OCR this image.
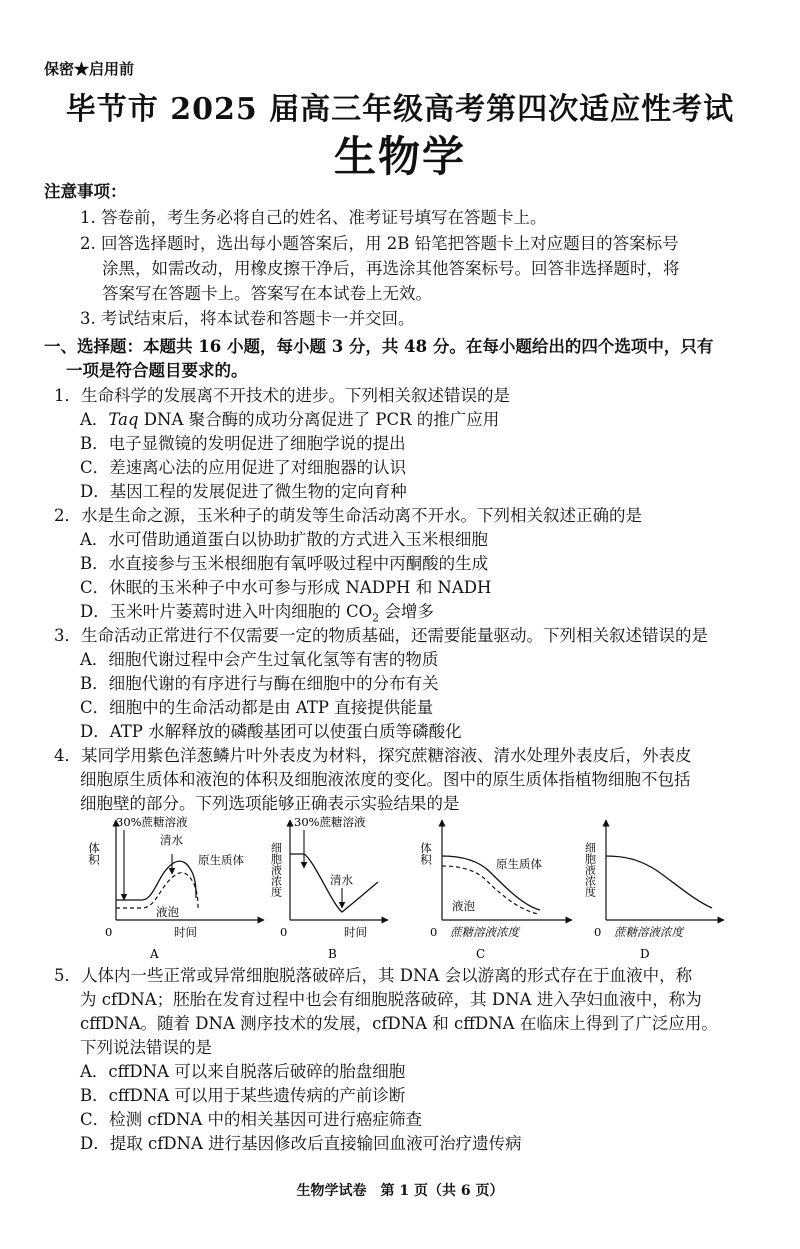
保密★启用前
毕节市 2025 届高三年级高考第四次适应性考试
生物学
注意事项：
1. 答卷前，考生务必将自己的姓名、准考证号填写在答题卡上。
2. 回答选择题时，选出每小题答案后，用 2B 铅笔把答题卡上对应题目的答案标号
涂黑，如需改动，用橡皮擦干净后，再选涂其他答案标号。回答非选择题时，将
答案写在答题卡上。答案写在本试卷上无效。
3. 考试结束后，将本试卷和答题卡一并交回。
一、选择题：本题共 16 小题，每小题 3 分，共 48 分。在每小题给出的四个选项中，只有
一项是符合题目要求的。
1．生命科学的发展离不开技术的进步。下列相关叙述错误的是
A．Taq DNA 聚合酶的成功分离促进了 PCR 的推广应用
B．电子显微镜的发明促进了细胞学说的提出
C．差速离心法的应用促进了对细胞器的认识
D．基因工程的发展促进了微生物的定向育种
2．水是生命之源，玉米种子的萌发等生命活动离不开水。下列相关叙述正确的是
A．水可借助通道蛋白以协助扩散的方式进入玉米根细胞
B．水直接参与玉米根细胞有氧呼吸过程中丙酮酸的生成
C．休眠的玉米种子中水可参与形成 NADPH 和 NADH
D．玉米叶片萎蔫时进入叶肉细胞的 $CO_2$ 会增多
3．生命活动正常进行不仅需要一定的物质基础，还需要能量驱动。下列相关叙述错误的是
A．细胞代谢过程中会产生过氧化氢等有害的物质
B．细胞代谢的有序进行与酶在细胞中的分布有关
C．细胞中的生命活动都是由 ATP 直接提供能量
D．ATP 水解释放的磷酸基团可以使蛋白质等磷酸化
4．某同学用紫色洋葱鳞片叶外表皮为材料，探究蔗糖溶液、清水处理外表皮后，外表皮
细胞原生质体和液泡的体积及细胞液浓度的变化。图中的原生质体指植物细胞不包括
细胞壁的部分。下列选项能够正确表示实验结果的是
30%蔗糖溶液
清水
原生质体
液泡
0	时间
体积
A
30%蔗糖溶液
清水
0	时间
细胞液浓度
B
原生质体
液泡
0 蔗糖溶液浓度
体积
C
0 蔗糖溶液浓度
细胞液浓度
D
5．人体内一些正常或异常细胞脱落破碎后，其 DNA 会以游离的形式存在于血液中，称
为 cfDNA；胚胎在发育过程中也会有细胞脱落破碎，其 DNA 进入孕妇血液中，称为
cffDNA。随着 DNA 测序技术的发展，cfDNA 和 cffDNA 在临床上得到了广泛应用。
下列说法错误的是
A．cffDNA 可以来自脱落后破碎的胎盘细胞
B．cffDNA 可以用于某些遗传病的产前诊断
C．检测 cfDNA 中的相关基因可进行癌症筛查
D．提取 cfDNA 进行基因修改后直接输回血液可治疗遗传病
生物学试卷　第 1 页（共 6 页）
